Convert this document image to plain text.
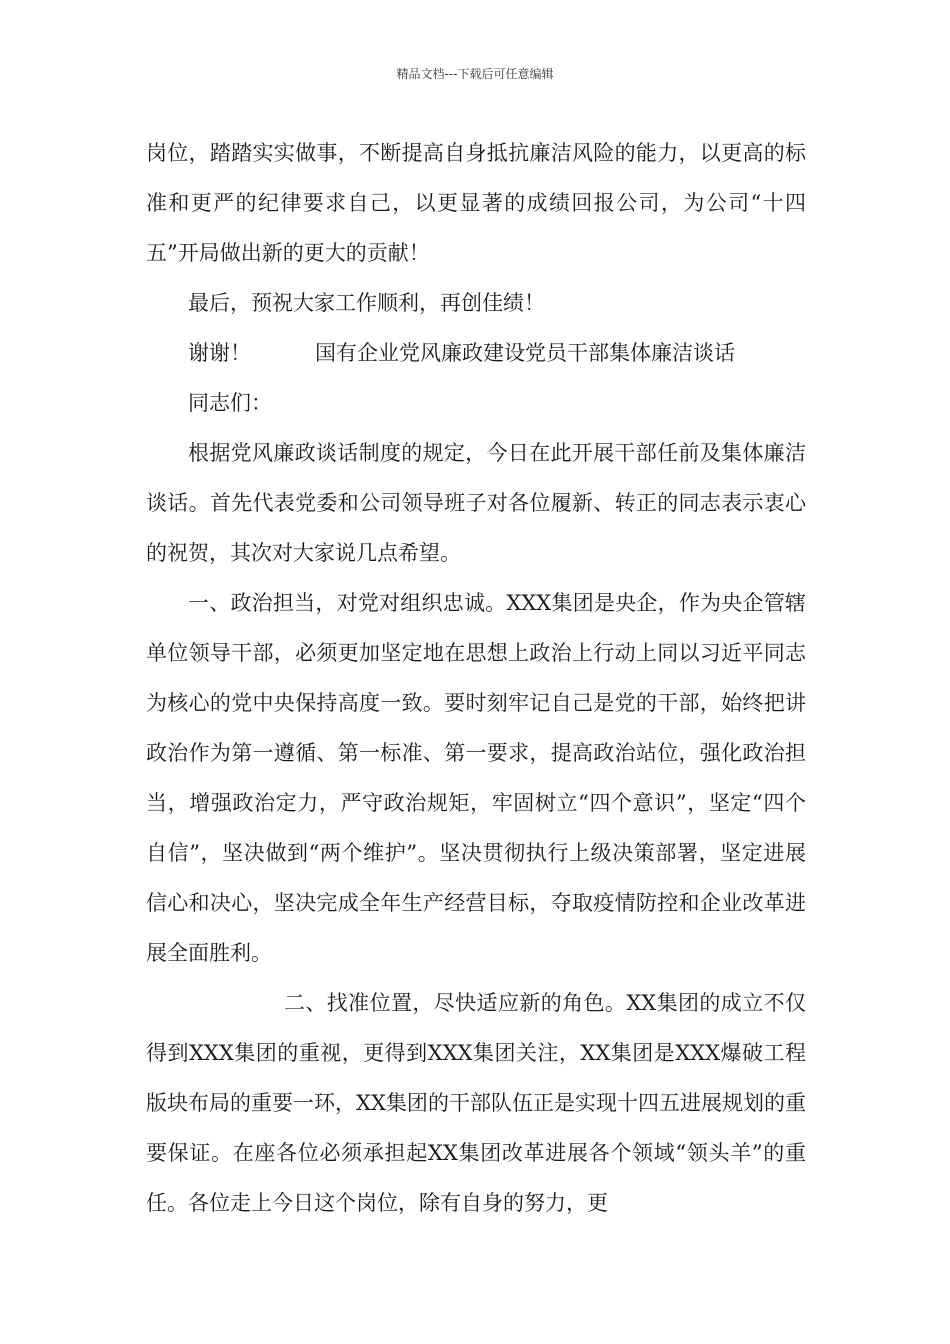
精品文档---下载后可任意编辑

岗位，踏踏实实做事，不断提高自身抵抗廉洁风险的能力，以更高的标准和更严的纪律要求自己，以更显著的成绩回报公司，为公司“十四五”开局做出新的更大的贡献！

最后，预祝大家工作顺利，再创佳绩！

谢谢！	国有企业党风廉政建设党员干部集体廉洁谈话

同志们：

根据党风廉政谈话制度的规定，今日在此开展干部任前及集体廉洁谈话。首先代表党委和公司领导班子对各位履新、转正的同志表示衷心的祝贺，其次对大家说几点希望。

一、政治担当，对党对组织忠诚。XXX集团是央企，作为央企管辖单位领导干部，必须更加坚定地在思想上政治上行动上同以习近平同志为核心的党中央保持高度一致。要时刻牢记自己是党的干部，始终把讲政治作为第一遵循、第一标准、第一要求，提高政治站位，强化政治担当，增强政治定力，严守政治规矩，牢固树立“四个意识”，坚定“四个自信”，坚决做到“两个维护”。坚决贯彻执行上级决策部署，坚定进展信心和决心，坚决完成全年生产经营目标，夺取疫情防控和企业改革进展全面胜利。

二、找准位置，尽快适应新的角色。XX集团的成立不仅得到XXX集团的重视，更得到XXX集团关注，XX集团是XXX爆破工程版块布局的重要一环，XX集团的干部队伍正是实现十四五进展规划的重要保证。在座各位必须承担起XX集团改革进展各个领域“领头羊”的重任。各位走上今日这个岗位，除有自身的努力，更
